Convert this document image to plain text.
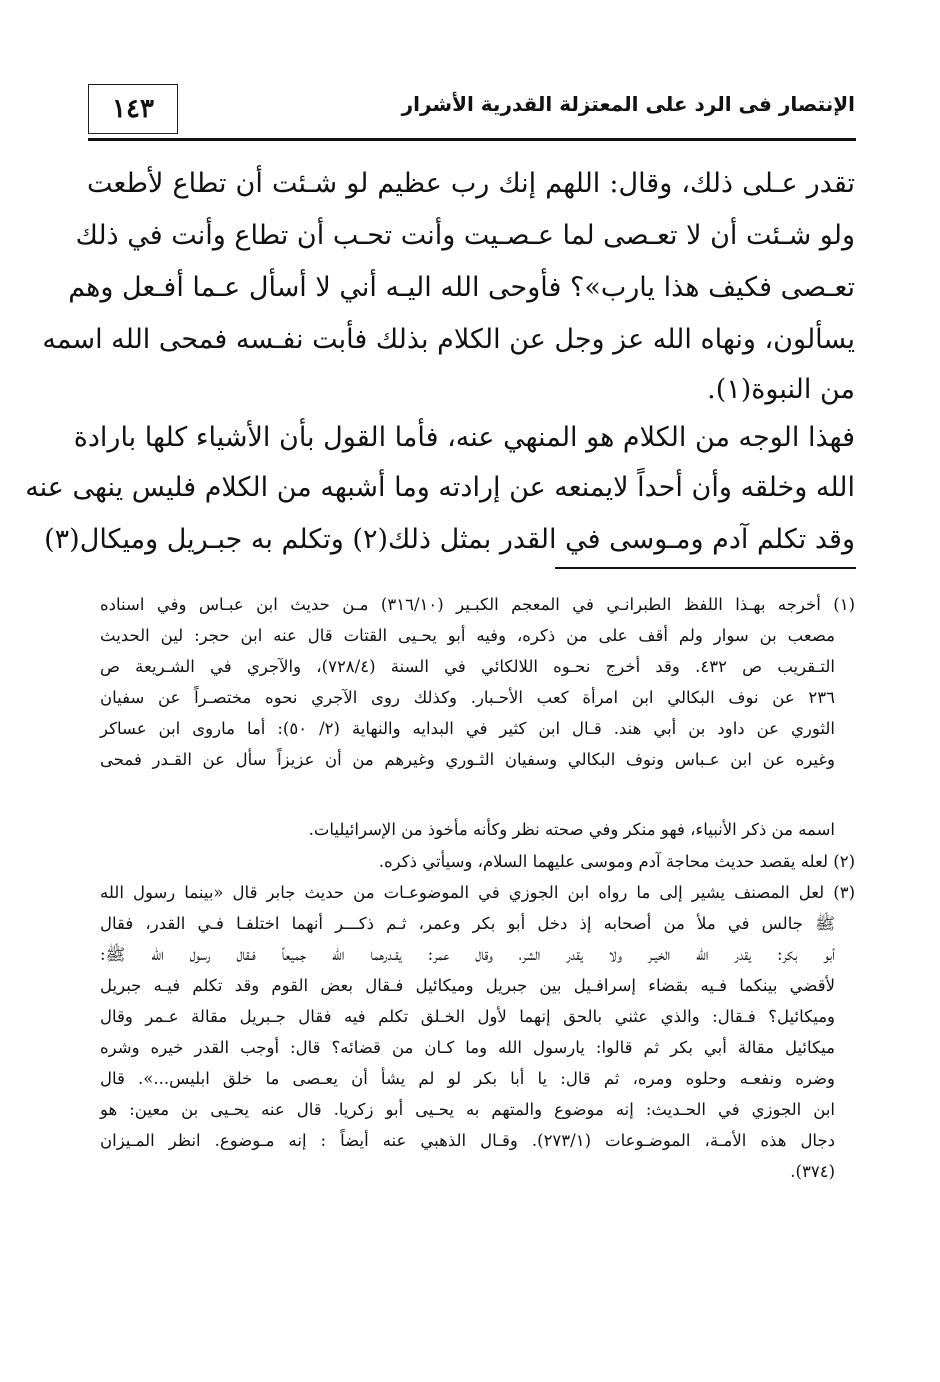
١٤٣	الإنتصار فى الرد على المعتزلة القدرية الأشرار
تقدر عـلى ذلك، وقال: اللهم إنك رب عظيم لو شـئت أن تطاع لأطعت
ولو شـئت أن لا تعـصى لما عـصـيت وأنت تحـب أن تطاع وأنت في ذلك
تعـصى فكيف هذا يارب»؟ فأوحى الله اليـه أني لا أسأل عـما أفـعل وهم
يسألون، ونهاه الله عز وجل عن الكلام بذلك فأبت نفـسه فمحى الله اسمه
من النبوة(١).
فهذا الوجه من الكلام هو المنهي عنه، فأما القول بأن الأشياء كلها بارادة
الله وخلقه وأن أحداً لايمنعه عن إرادته وما أشبهه من الكلام فليس ينهى عنه
وقد تكلم آدم ومـوسى في القدر بمثل ذلك(٢) وتكلم به جبـريل وميكال(٣)
(١) أخرجه بهـذا اللفظ الطبرانـي في المعجم الكبـير (٣١٦/١٠) مـن حديث ابن عبـاس وفي اسناده
مصعب بن سوار ولم أقف على من ذكره، وفيه أبو يحـيى القتات قال عنه ابن حجر: لين الحديث
التـقريب ص ٤٣٢. وقد أخرج نحـوه اللالكائي في السنة (٧٢٨/٤)، والآجري في الشـريعة ص
٢٣٦ عن نوف البكالي ابن امرأة كعب الأحـبار. وكذلك روى الآجري نحوه مختصـراً عن سفيان
الثوري عن داود بن أبي هند. قـال ابن كثير في البدايه والنهاية (٢/ ٥٠): أما ماروى ابن عساكر
وغيره عن ابن عـباس ونوف البكالي وسفيان الثـوري وغيرهم من أن عزيزاً سأل عن القـدر فمحى
اسمه من ذكر الأنبياء، فهو منكر وفي صحته نظر وكأنه مأخوذ من الإسرائيليات.
(٢) لعله يقصد حديث محاجة آدم وموسى عليهما السلام، وسيأتي ذكره.
(٣) لعل المصنف يشير إلى ما رواه ابن الجوزي في الموضوعـات من حديث جابر قال «بينما رسول الله
ﷺ جالس في ملأ من أصحابه إذ دخل أبو بكر وعمر، ثـم ذكـــر أنهما اختلفـا فـي القدر، فقال
أبو بكر: يقدر الله الخيـر ولا يقدر الشر، وقال عمر: يقـدرهما الله جميعاً فـقال رسول الله ﷺ:
لأقضي بينكما فـيه بقضاء إسرافـيل بين جبريل وميكائيل فـقال بعض القوم وقد تكلم فيـه جبريل
وميكائيل؟ فـقال: والذي عثني بالحق إنهما لأول الخـلق تكلم فيه فقال جـبريل مقالة عـمر وقال
ميكائيل مقالة أبي بكر ثم قالوا: يارسول الله وما كـان من قضائه؟ قال: أوجب القدر خيره وشره
وضره ونفعـه وحلوه ومره، ثم قال: يا أبا بكر لو لم يشأ أن يعـصى ما خلق ابليس...». قال
ابن الجوزي في الحـديث: إنه موضوع والمتهم به يحـيى أبو زكريا. قال عنه يحـيى بن معين: هو
دجال هذه الأمـة، الموضـوعات (٢٧٣/١). وقـال الذهبي عنه أيضاً : إنه مـوضوع. انظر المـيزان
(٣٧٤).
